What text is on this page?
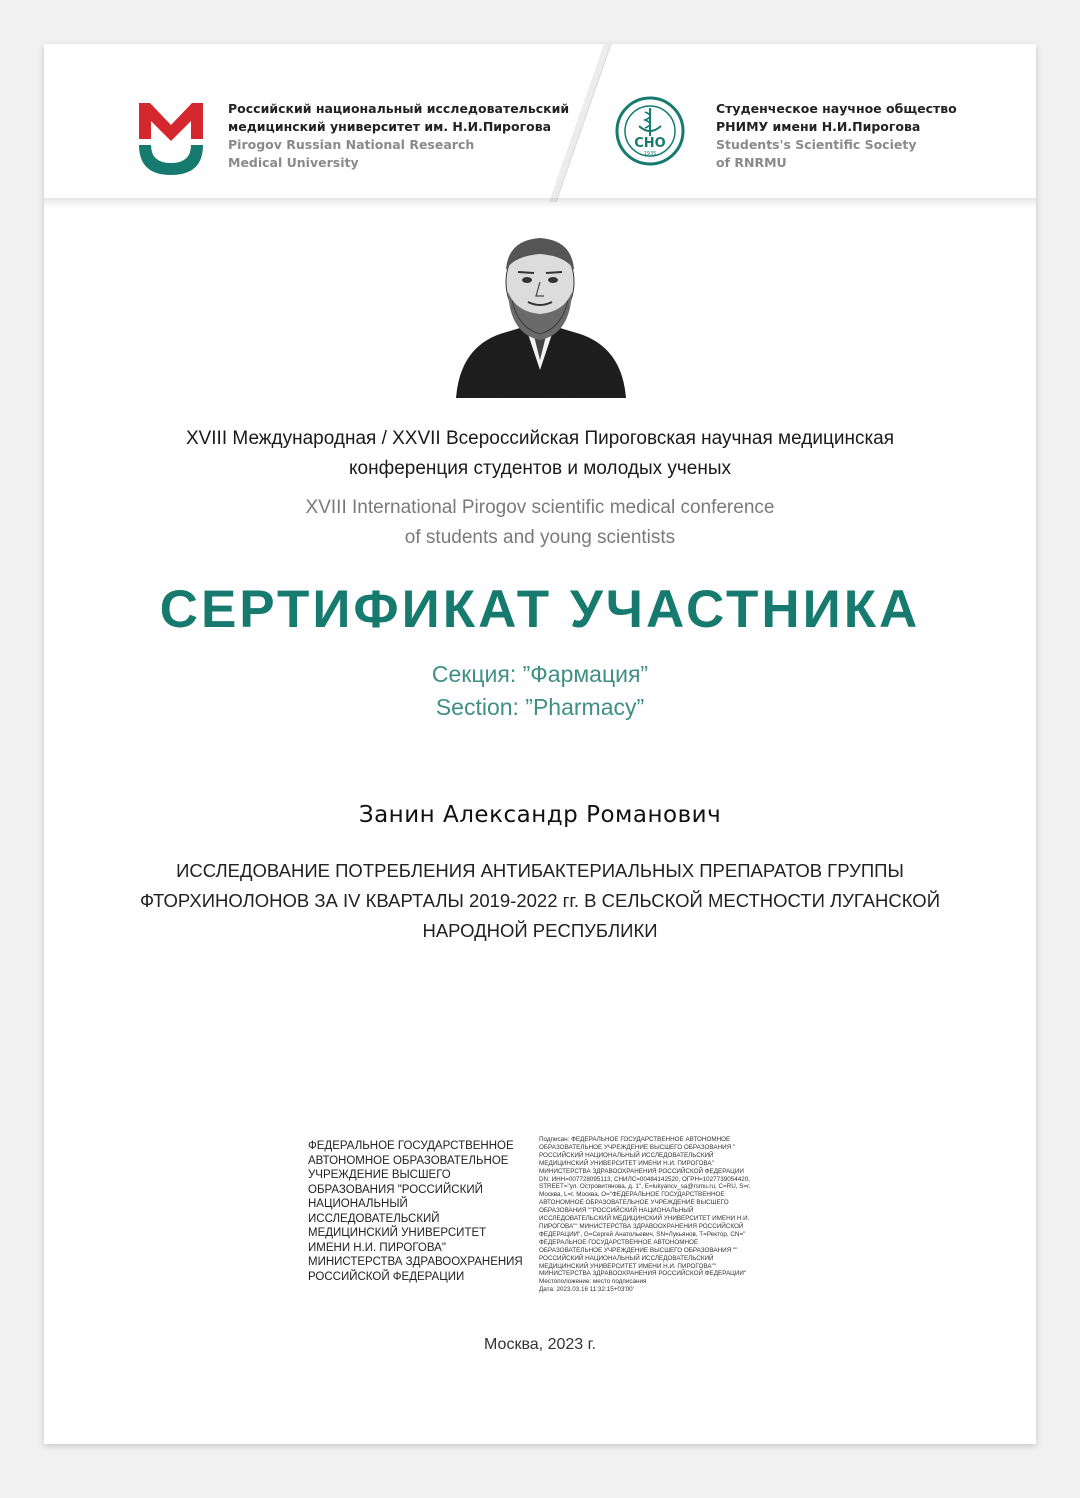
Российский национальный исследовательский
медицинский университет им. Н.И.Пирогова
Pirogov Russian National Research
Medical University
СНО
1935
Студенческое научное общество
РНИМУ имени Н.И.Пирогова
Students's Scientific Society
of RNRMU
XVIII Международная / XXVII Всероссийская Пироговская научная медицинская
конференция студентов и молодых ученых
XVIII International Pirogov scientific medical conference
of students and young scientists
СЕРТИФИКАТ УЧАСТНИКА
Секция: ”Фармация”
Section: ”Pharmacy”
Занин Александр Романович
ИССЛЕДОВАНИЕ ПОТРЕБЛЕНИЯ АНТИБАКТЕРИАЛЬНЫХ ПРЕПАРАТОВ ГРУППЫ
ФТОРХИНОЛОНОВ ЗА IV КВАРТАЛЫ 2019-2022 гг. В СЕЛЬСКОЙ МЕСТНОСТИ ЛУГАНСКОЙ
НАРОДНОЙ РЕСПУБЛИКИ
ФЕДЕРАЛЬНОЕ ГОСУДАРСТВЕННОЕ
АВТОНОМНОЕ ОБРАЗОВАТЕЛЬНОЕ
УЧРЕЖДЕНИЕ ВЫСШЕГО
ОБРАЗОВАНИЯ "РОССИЙСКИЙ
НАЦИОНАЛЬНЫЙ
ИССЛЕДОВАТЕЛЬСКИЙ
МЕДИЦИНСКИЙ УНИВЕРСИТЕТ
ИМЕНИ Н.И. ПИРОГОВА"
МИНИСТЕРСТВА ЗДРАВООХРАНЕНИЯ
РОССИЙСКОЙ ФЕДЕРАЦИИ
Подписан: ФЕДЕРАЛЬНОЕ ГОСУДАРСТВЕННОЕ АВТОНОМНОЕ
ОБРАЗОВАТЕЛЬНОЕ УЧРЕЖДЕНИЕ ВЫСШЕГО ОБРАЗОВАНИЯ "
РОССИЙСКИЙ НАЦИОНАЛЬНЫЙ ИССЛЕДОВАТЕЛЬСКИЙ
МЕДИЦИНСКИЙ УНИВЕРСИТЕТ ИМЕНИ Н.И. ПИРОГОВА"
МИНИСТЕРСТВА ЗДРАВООХРАНЕНИЯ РОССИЙСКОЙ ФЕДЕРАЦИИ
DN: ИНН=007728095113, СНИЛС=00484142520, ОГРН=1027739054420,
STREET="ул. Островитянова, д. 1", E=lukyancv_sa@rsmu.ru, C=RU, S=г.
Москва, L=г. Москва, O="ФЕДЕРАЛЬНОЕ ГОСУДАРСТВЕННОЕ
АВТОНОМНОЕ ОБРАЗОВАТЕЛЬНОЕ УЧРЕЖДЕНИЕ ВЫСШЕГО
ОБРАЗОВАНИЯ ""РОССИЙСКИЙ НАЦИОНАЛЬНЫЙ
ИССЛЕДОВАТЕЛЬСКИЙ МЕДИЦИНСКИЙ УНИВЕРСИТЕТ ИМЕНИ Н.И.
ПИРОГОВА"" МИНИСТЕРСТВА ЗДРАВООХРАНЕНИЯ РОССИЙСКОЙ
ФЕДЕРАЦИИ", G=Сергей Анатольевич, SN=Лукьянов, T=Ректор, CN="
ФЕДЕРАЛЬНОЕ ГОСУДАРСТВЕННОЕ АВТОНОМНОЕ
ОБРАЗОВАТЕЛЬНОЕ УЧРЕЖДЕНИЕ ВЫСШЕГО ОБРАЗОВАНИЯ ""
РОССИЙСКИЙ НАЦИОНАЛЬНЫЙ ИССЛЕДОВАТЕЛЬСКИЙ
МЕДИЦИНСКИЙ УНИВЕРСИТЕТ ИМЕНИ Н.И. ПИРОГОВА""
МИНИСТЕРСТВА ЗДРАВООХРАНЕНИЯ РОССИЙСКОЙ ФЕДЕРАЦИИ"
Местоположение: место подписания
Дата: 2023.03.16 11:32:15+03'00'
Москва, 2023 г.
